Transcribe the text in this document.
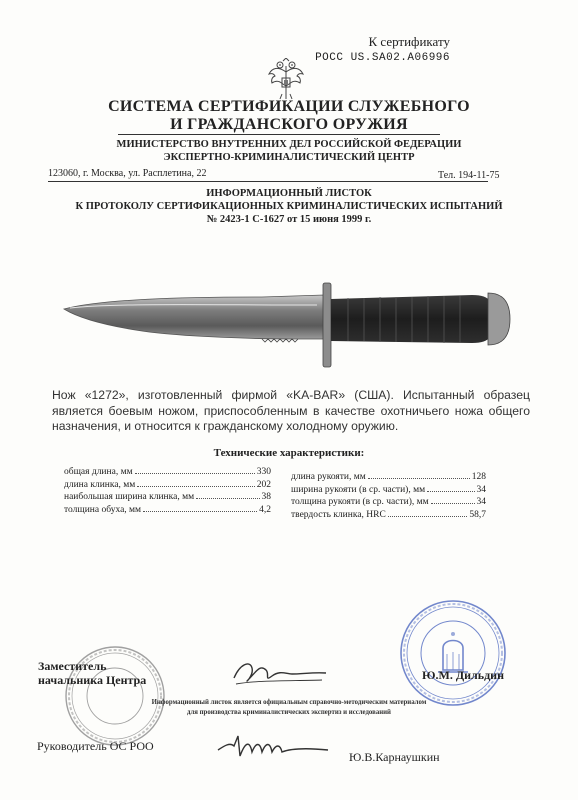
К сертификату
РОСС US.SA02.A06996
СИСТЕМА СЕРТИФИКАЦИИ СЛУЖЕБНОГО
И ГРАЖДАНСКОГО ОРУЖИЯ
МИНИСТЕРСТВО ВНУТРЕННИХ ДЕЛ РОССИЙСКОЙ ФЕДЕРАЦИИ
ЭКСПЕРТНО-КРИМИНАЛИСТИЧЕСКИЙ ЦЕНТР
123060, г. Москва, ул. Расплетина, 22	Тел. 194-11-75
ИНФОРМАЦИОННЫЙ ЛИСТОК
К ПРОТОКОЛУ СЕРТИФИКАЦИОННЫХ КРИМИНАЛИСТИЧЕСКИХ ИСПЫТАНИЙ
№ 2423-1 С-1627 от 15 июня 1999 г.
Нож «1272», изготовленный фирмой «KA-BAR» (США). Испытанный образец является боевым ножом, приспособленным в качестве охотничьего ножа общего назначения, и относится к гражданскому холодному оружию.
Технические характеристики:
общая длина, мм	330
длина клинка, мм	202
наибольшая ширина клинка, мм	38
толщина обуха, мм	4,2
длина рукояти, мм	128
ширина рукояти (в ср. части), мм	34
толщина рукояти (в ср. части), мм	34
твердость клинка, HRC	58,7
Заместитель
начальника Центра	Ю.М. Дильдин
Информационный листок является официальным справочно-методическим материалом
для производства криминалистических экспертиз и исследований
Руководитель ОС РОО
Ю.В.Карнаушкин
